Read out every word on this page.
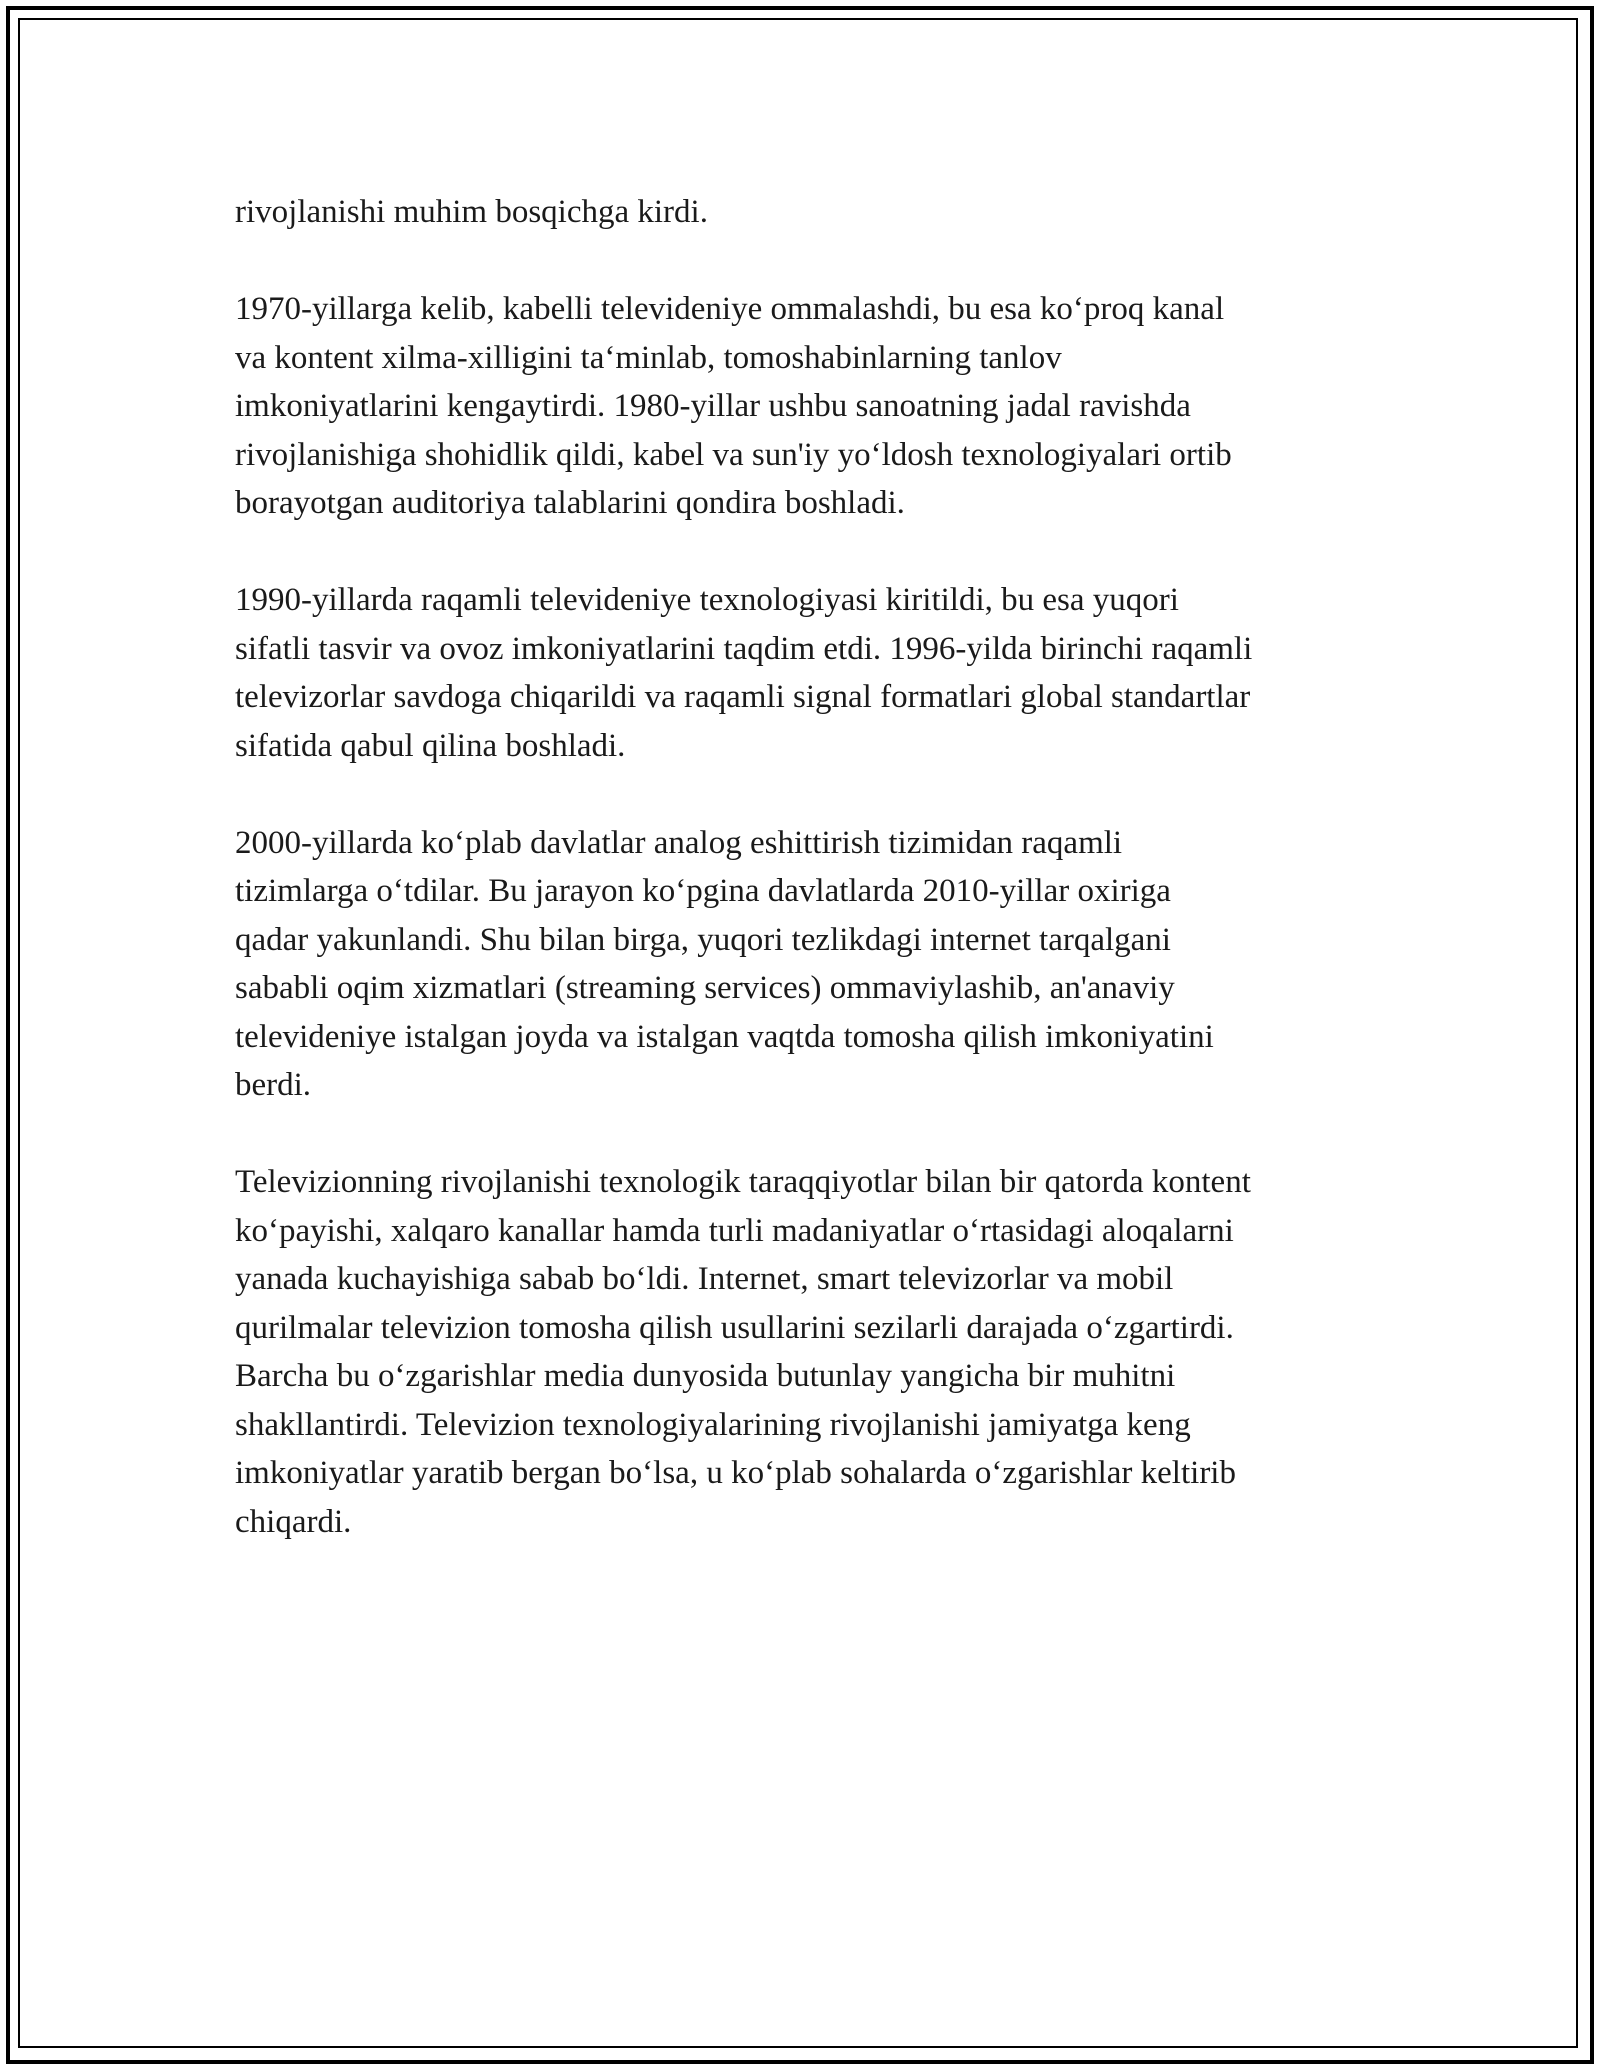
rivojlanishi muhim bosqichga kirdi.

1970-yillarga kelib, kabelli televideniye ommalashdi, bu esa ko‘proq kanal
va kontent xilma-xilligini ta‘minlab, tomoshabinlarning tanlov
imkoniyatlarini kengaytirdi. 1980-yillar ushbu sanoatning jadal ravishda
rivojlanishiga shohidlik qildi, kabel va sun'iy yo‘ldosh texnologiyalari ortib
borayotgan auditoriya talablarini qondira boshladi.

1990-yillarda raqamli televideniye texnologiyasi kiritildi, bu esa yuqori
sifatli tasvir va ovoz imkoniyatlarini taqdim etdi. 1996-yilda birinchi raqamli
televizorlar savdoga chiqarildi va raqamli signal formatlari global standartlar
sifatida qabul qilina boshladi.

2000-yillarda ko‘plab davlatlar analog eshittirish tizimidan raqamli
tizimlarga o‘tdilar. Bu jarayon ko‘pgina davlatlarda 2010-yillar oxiriga
qadar yakunlandi. Shu bilan birga, yuqori tezlikdagi internet tarqalgani
sababli oqim xizmatlari (streaming services) ommaviylashib, an'anaviy
televideniye istalgan joyda va istalgan vaqtda tomosha qilish imkoniyatini
berdi.

Televizionning rivojlanishi texnologik taraqqiyotlar bilan bir qatorda kontent
ko‘payishi, xalqaro kanallar hamda turli madaniyatlar o‘rtasidagi aloqalarni
yanada kuchayishiga sabab bo‘ldi. Internet, smart televizorlar va mobil
qurilmalar televizion tomosha qilish usullarini sezilarli darajada o‘zgartirdi.
Barcha bu o‘zgarishlar media dunyosida butunlay yangicha bir muhitni
shakllantirdi. Televizion texnologiyalarining rivojlanishi jamiyatga keng
imkoniyatlar yaratib bergan bo‘lsa, u ko‘plab sohalarda o‘zgarishlar keltirib
chiqardi.
